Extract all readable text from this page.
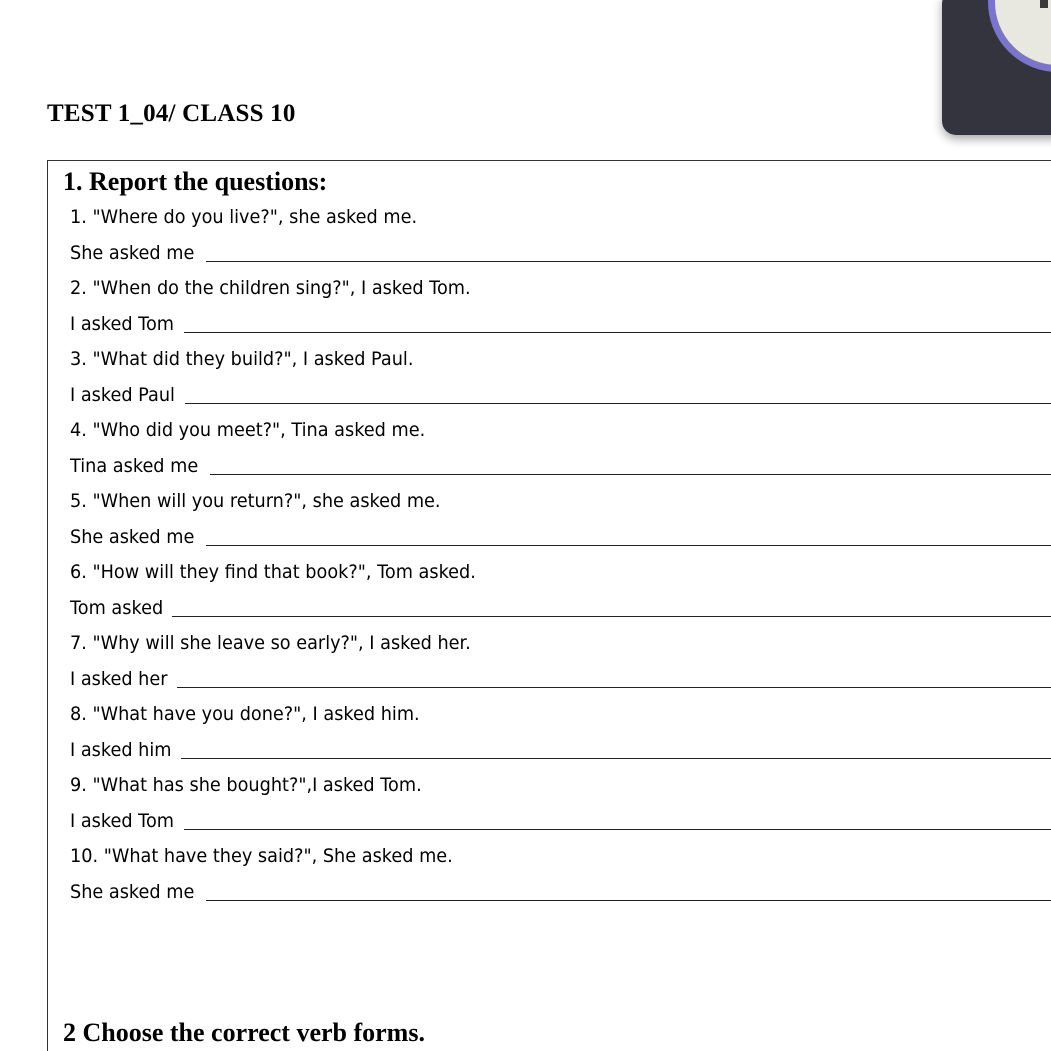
TEST 1_04/ CLASS 10
1. Report the questions:
1. "Where do you live?", she asked me.
She asked me
2. "When do the children sing?", I asked Tom.
I asked Tom
3. "What did they build?", I asked Paul.
I asked Paul
4. "Who did you meet?", Tina asked me.
Tina asked me
5. "When will you return?", she asked me.
She asked me
6. "How will they find that book?", Tom asked.
Tom asked
7. "Why will she leave so early?", I asked her.
I asked her
8. "What have you done?", I asked him.
I asked him
9. "What has she bought?",I asked Tom.
I asked Tom
10. "What have they said?", She asked me.
She asked me
2 Choose the correct verb forms.
